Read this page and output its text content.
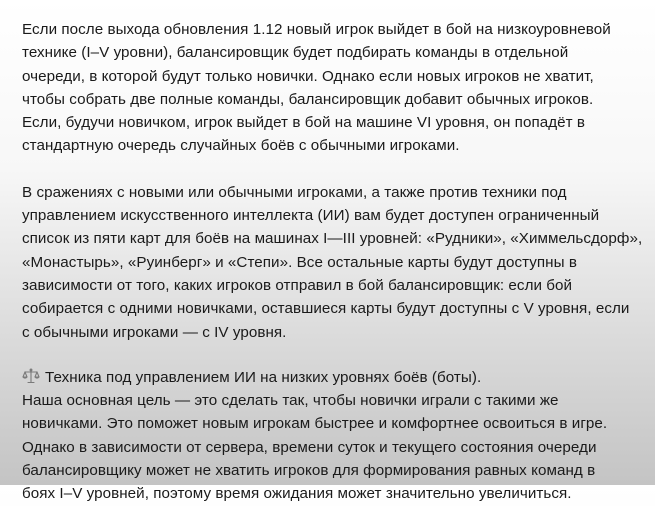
Если после выхода обновления 1.12 новый игрок выйдет в бой на низкоуровневой
технике (I–V уровни), балансировщик будет подбирать команды в отдельной
очереди, в которой будут только новички. Однако если новых игроков не хватит,
чтобы собрать две полные команды, балансировщик добавит обычных игроков.
Если, будучи новичком, игрок выйдет в бой на машине VI уровня, он попадёт в
стандартную очередь случайных боёв с обычными игроками.

В сражениях с новыми или обычными игроками, а также против техники под
управлением искусственного интеллекта (ИИ) вам будет доступен ограниченный
список из пяти карт для боёв на машинах I—III уровней: «Рудники», «Химмельсдорф»,
«Монастырь», «Руинберг» и «Степи». Все остальные карты будут доступны в
зависимости от того, каких игроков отправил в бой балансировщик: если бой
собирается с одними новичками, оставшиеся карты будут доступны с V уровня, если
с обычными игроками — с IV уровня.

Техника под управлением ИИ на низких уровнях боёв (боты).
Наша основная цель — это сделать так, чтобы новички играли с такими же
новичками. Это поможет новым игрокам быстрее и комфортнее освоиться в игре.
Однако в зависимости от сервера, времени суток и текущего состояния очереди
балансировщику может не хватить игроков для формирования равных команд в
боях I–V уровней, поэтому время ожидания может значительно увеличиться.
